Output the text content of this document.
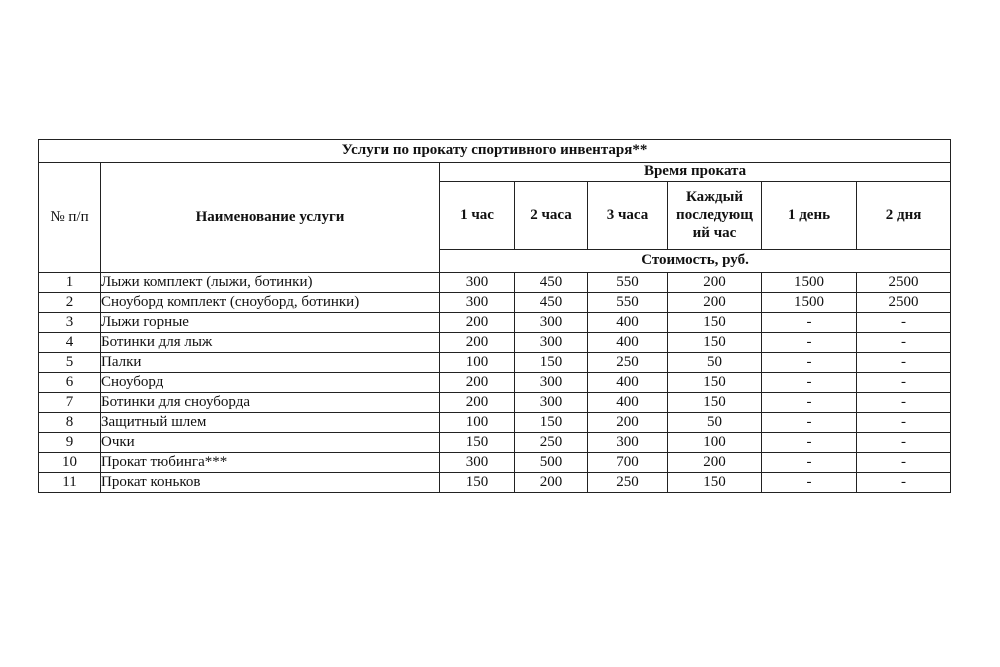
Услуги по прокату спортивного инвентаря**							
№ п/п	Наименование услуги	Время проката					
		1 час	2 часа	3 часа	Каждый
последующ
ий час	1 день	2 дня
		Стоимость, руб.					
1	Лыжи комплект (лыжи, ботинки)	300	450	550	200	1500	2500
2	Сноуборд комплект (сноуборд, ботинки)	300	450	550	200	1500	2500
3	Лыжи горные	200	300	400	150	-	-
4	Ботинки для лыж	200	300	400	150	-	-
5	Палки	100	150	250	50	-	-
6	Сноуборд	200	300	400	150	-	-
7	Ботинки для сноуборда	200	300	400	150	-	-
8	Защитный шлем	100	150	200	50	-	-
9	Очки	150	250	300	100	-	-
10	Прокат тюбинга***	300	500	700	200	-	-
11	Прокат коньков	150	200	250	150	-	-
